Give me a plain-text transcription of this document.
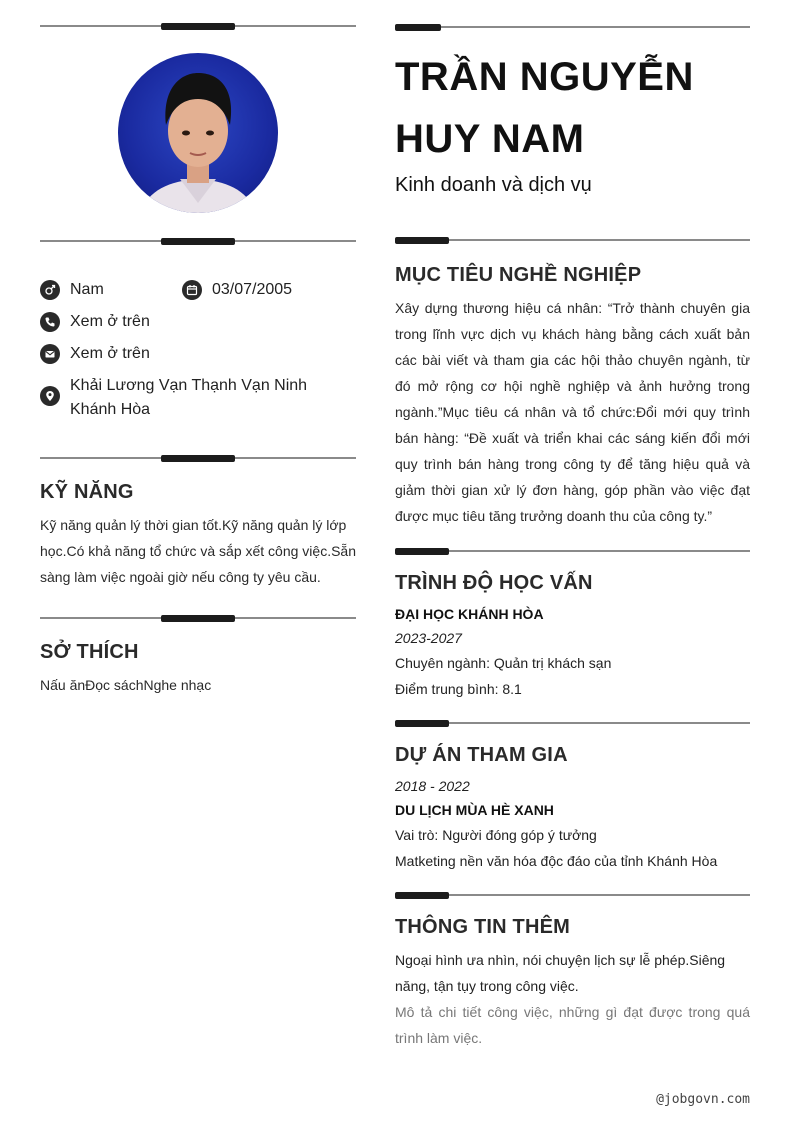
Nam	03/07/2005
Xem ở trên
Xem ở trên
Khải Lương Vạn Thạnh Vạn Ninh Khánh Hòa
KỸ NĂNG
Kỹ năng quản lý thời gian tốt.Kỹ năng quản lý lớp học.Có khả năng tổ chức và sắp xết công việc.Sẵn sàng làm việc ngoài giờ nếu công ty yêu cầu.
SỞ THÍCH
Nấu ănĐọc sáchNghe nhạc
TRẦN NGUYỄN
HUY NAM
Kinh doanh và dịch vụ
MỤC TIÊU NGHỀ NGHIỆP
Xây dựng thương hiệu cá nhân: “Trở thành chuyên gia trong lĩnh vực dịch vụ khách hàng bằng cách xuất bản các bài viết và tham gia các hội thảo chuyên ngành, từ đó mở rộng cơ hội nghề nghiệp và ảnh hưởng trong ngành.”Mục tiêu cá nhân và tổ chức:Đổi mới quy trình bán hàng: “Đề xuất và triển khai các sáng kiến đổi mới quy trình bán hàng trong công ty để tăng hiệu quả và giảm thời gian xử lý đơn hàng, góp phần vào việc đạt được mục tiêu tăng trưởng doanh thu của công ty.”
TRÌNH ĐỘ HỌC VẤN
ĐẠI HỌC KHÁNH HÒA
2023-2027
Chuyên ngành: Quản trị khách sạn
Điểm trung bình: 8.1
DỰ ÁN THAM GIA
2018 - 2022
DU LỊCH MÙA HÈ XANH
Vai trò: Người đóng góp ý tưởng
Matketing nền văn hóa độc đáo của tỉnh Khánh Hòa
THÔNG TIN THÊM
Ngoại hình ưa nhìn, nói chuyện lịch sự lễ phép.Siêng năng, tận tụy trong công việc.
Mô tả chi tiết công việc, những gì đạt được trong quá trình làm việc.
@jobgovn.com
